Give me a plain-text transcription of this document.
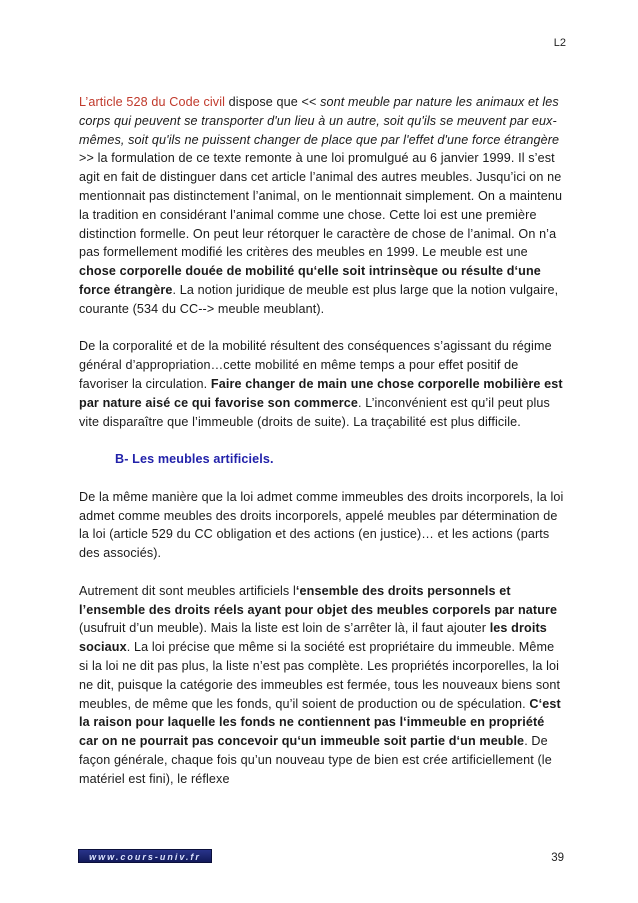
L2

L’article 528 du Code civil dispose que << sont meuble par nature les animaux et les corps qui peuvent se transporter d'un lieu à un autre, soit qu'ils se meuvent par eux-mêmes, soit qu'ils ne puissent changer de place que par l'effet d'une force étrangère >> la formulation de ce texte remonte à une loi promulgué au 6 janvier 1999. Il s’est agit en fait de distinguer dans cet article l’animal des autres meubles. Jusqu’ici on ne mentionnait pas distinctement l’animal, on le mentionnait simplement. On a maintenu la tradition en considérant l’animal comme une chose. Cette loi est une première distinction formelle. On peut leur rétorquer le caractère de chose de l’animal. On n’a pas formellement modifié les critères des meubles en 1999. Le meuble est une chose corporelle douée de mobilité qu‘elle soit intrinsèque ou résulte d‘une force étrangère. La notion juridique de meuble est plus large que la notion vulgaire, courante (534 du CC--> meuble meublant).

De la corporalité et de la mobilité résultent des conséquences s’agissant du régime général d’appropriation…cette mobilité en même temps a pour effet positif de favoriser la circulation. Faire changer de main une chose corporelle mobilière est par nature aisé ce qui favorise son commerce. L’inconvénient est qu’il peut plus vite disparaître que l’immeuble (droits de suite). La traçabilité est plus difficile.

B- Les meubles artificiels.

De la même manière que la loi admet comme immeubles des droits incorporels, la loi admet comme meubles des droits incorporels, appelé meubles par détermination de la loi (article 529 du CC obligation et des actions (en justice)… et les actions (parts des associés).

Autrement dit sont meubles artificiels l‘ensemble des droits personnels et l’ensemble des droits réels ayant pour objet des meubles corporels par nature (usufruit d’un meuble). Mais la liste est loin de s’arrêter là, il faut ajouter les droits sociaux. La loi précise que même si la société est propriétaire du immeuble. Même si la loi ne dit pas plus, la liste n’est pas complète. Les propriétés incorporelles, la loi ne dit, puisque la catégorie des immeubles est fermée, tous les nouveaux biens sont meubles, de même que les fonds, qu’il soient de production ou de spéculation. C‘est la raison pour laquelle les fonds ne contiennent pas l‘immeuble en propriété car on ne pourrait pas concevoir qu‘un immeuble soit partie d‘un meuble. De façon générale, chaque fois qu’un nouveau type de bien est crée artificiellement (le matériel est fini), le réflexe

www.cours-univ.fr	39
